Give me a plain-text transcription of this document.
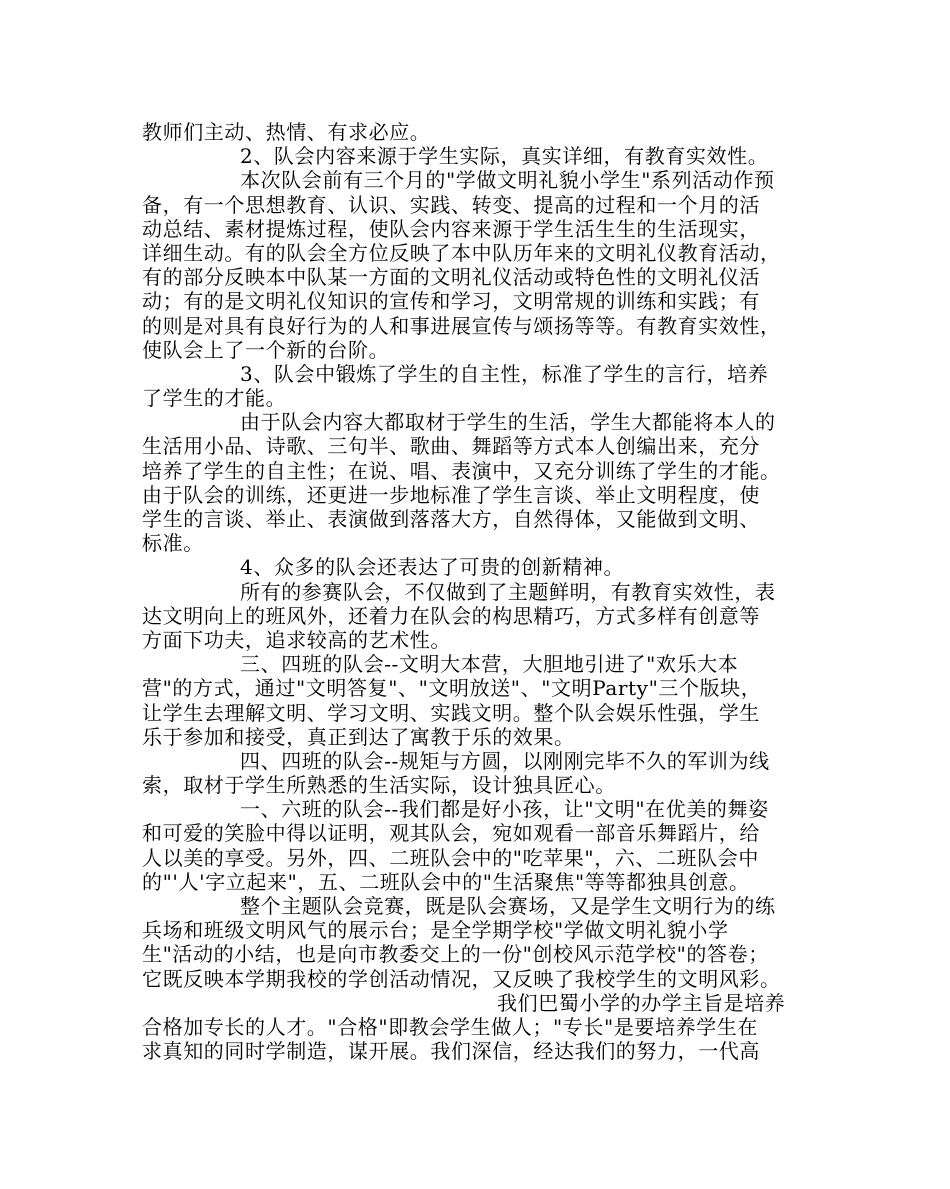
教师们主动、热情、有求必应。
2、队会内容来源于学生实际，真实详细，有教育实效性。
本次队会前有三个月的"学做文明礼貌小学生"系列活动作预
备，有一个思想教育、认识、实践、转变、提高的过程和一个月的活
动总结、素材提炼过程，使队会内容来源于学生活生生的生活现实，
详细生动。有的队会全方位反映了本中队历年来的文明礼仪教育活动，
有的部分反映本中队某一方面的文明礼仪活动或特色性的文明礼仪活
动；有的是文明礼仪知识的宣传和学习，文明常规的训练和实践；有
的则是对具有良好行为的人和事进展宣传与颂扬等等。有教育实效性，
使队会上了一个新的台阶。
3、队会中锻炼了学生的自主性，标准了学生的言行，培养
了学生的才能。
由于队会内容大都取材于学生的生活，学生大都能将本人的
生活用小品、诗歌、三句半、歌曲、舞蹈等方式本人创编出来，充分
培养了学生的自主性；在说、唱、表演中，又充分训练了学生的才能。
由于队会的训练，还更进一步地标准了学生言谈、举止文明程度，使
学生的言谈、举止、表演做到落落大方，自然得体，又能做到文明、
标准。
4、众多的队会还表达了可贵的创新精神。
所有的参赛队会，不仅做到了主题鲜明，有教育实效性，表
达文明向上的班风外，还着力在队会的构思精巧，方式多样有创意等
方面下功夫，追求较高的艺术性。
三、四班的队会--文明大本营，大胆地引进了"欢乐大本
营"的方式，通过"文明答复"、"文明放送"、"文明Party"三个版块，
让学生去理解文明、学习文明、实践文明。整个队会娱乐性强，学生
乐于参加和接受，真正到达了寓教于乐的效果。
四、四班的队会--规矩与方圆，以刚刚完毕不久的军训为线
索，取材于学生所熟悉的生活实际，设计独具匠心。
一、六班的队会--我们都是好小孩，让"文明"在优美的舞姿
和可爱的笑脸中得以证明，观其队会，宛如观看一部音乐舞蹈片，给
人以美的享受。另外，四、二班队会中的"吃苹果"，六、二班队会中
的"'人'字立起来"，五、二班队会中的"生活聚焦"等等都独具创意。
整个主题队会竞赛，既是队会赛场，又是学生文明行为的练
兵场和班级文明风气的展示台；是全学期学校"学做文明礼貌小学
生"活动的小结，也是向市教委交上的一份"创校风示范学校"的答卷；
它既反映本学期我校的学创活动情况，又反映了我校学生的文明风彩。
我们巴蜀小学的办学主旨是培养
合格加专长的人才。"合格"即教会学生做人；"专长"是要培养学生在
求真知的同时学制造，谋开展。我们深信，经达我们的努力，一代高
